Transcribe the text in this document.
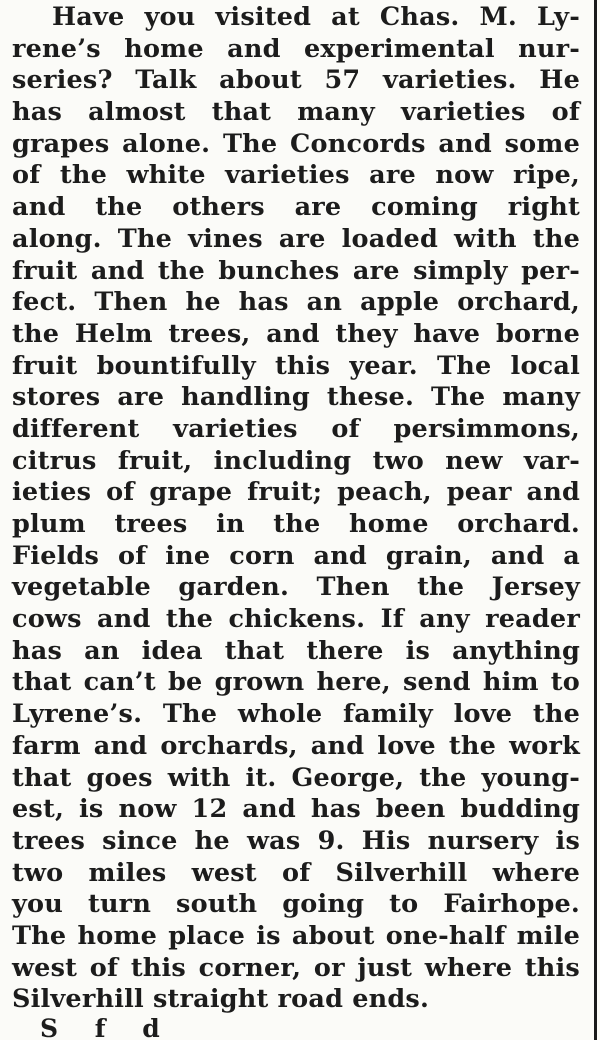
Have you visited at Chas. M. Ly-
rene’s home and experimental nur-
series? Talk about 57 varieties. He
has almost that many varieties of
grapes alone. The Concords and some
of the white varieties are now ripe,
and the others are coming right
along. The vines are loaded with the
fruit and the bunches are simply per-
fect. Then he has an apple orchard,
the Helm trees, and they have borne
fruit bountifully this year. The local
stores are handling these. The many
different varieties of persimmons,
citrus fruit, including two new var-
ieties of grape fruit; peach, pear and
plum trees in the home orchard.
Fields of ine corn and grain, and a
vegetable garden. Then the Jersey
cows and the chickens. If any reader
has an idea that there is anything
that can’t be grown here, send him to
Lyrene’s. The whole family love the
farm and orchards, and love the work
that goes with it. George, the young-
est, is now 12 and has been budding
trees since he was 9. His nursery is
two miles west of Silverhill where
you turn south going to Fairhope.
The home place is about one-half mile
west of this corner, or just where this
Silverhill straight road ends.
S f d
